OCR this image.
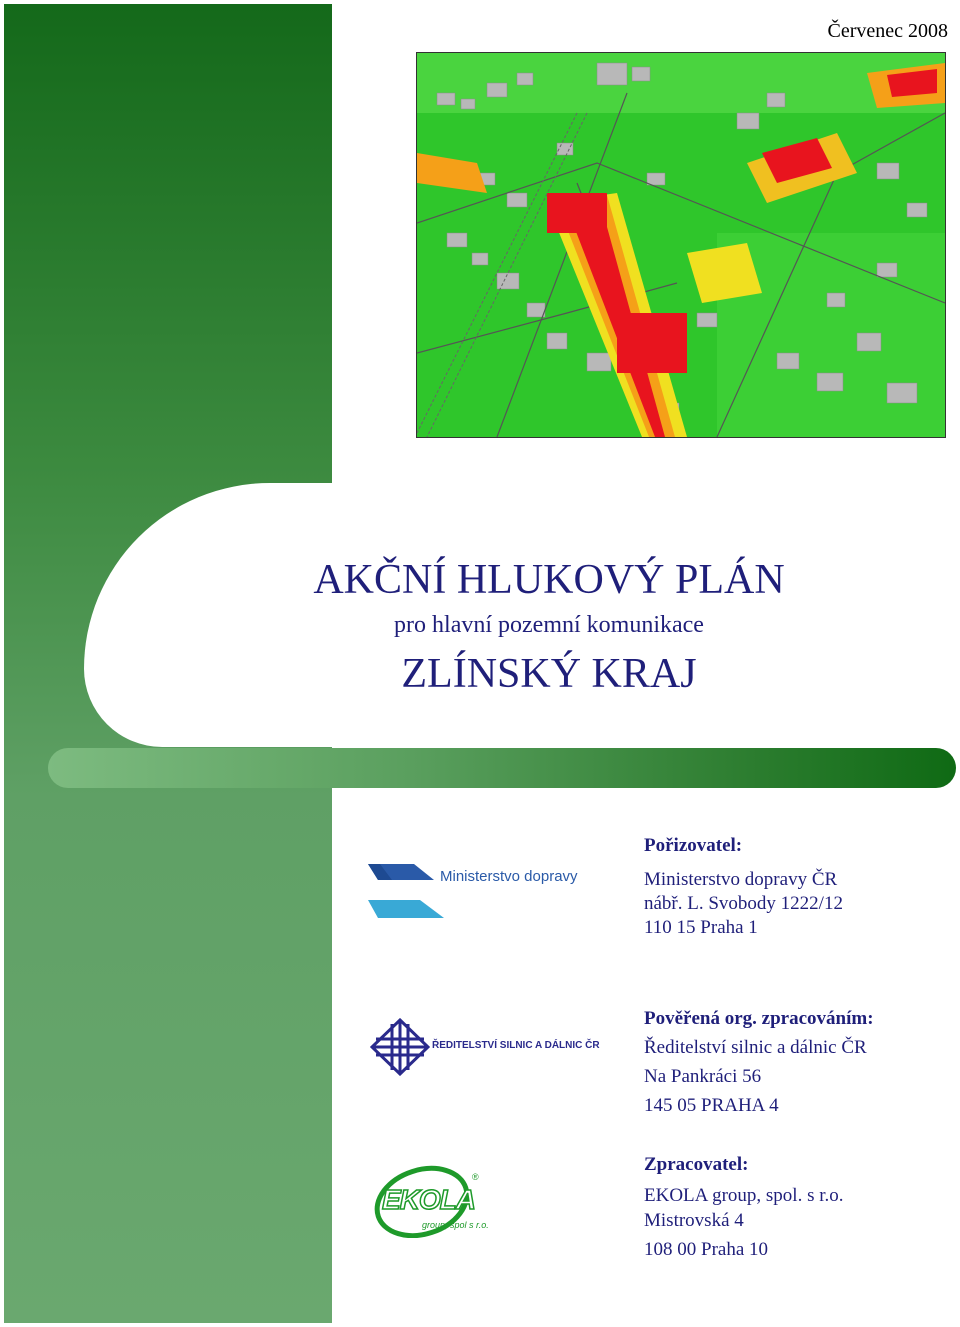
Červenec 2008
AKČNÍ HLUKOVÝ PLÁN
pro hlavní pozemní komunikace
ZLÍNSKÝ KRAJ
Ministerstvo dopravy
ŘEDITELSTVÍ SILNIC A DÁLNIC ČR
EKOLA
group, spol s r.o.
®
Pořizovatel:
Ministerstvo dopravy ČR
nábř. L. Svobody 1222/12
110 15 Praha 1
Pověřená org. zpracováním:
Ředitelství silnic a dálnic ČR
Na Pankráci 56
145 05 PRAHA 4
Zpracovatel:
EKOLA group, spol. s r.o.
Mistrovská 4
108 00 Praha 10
